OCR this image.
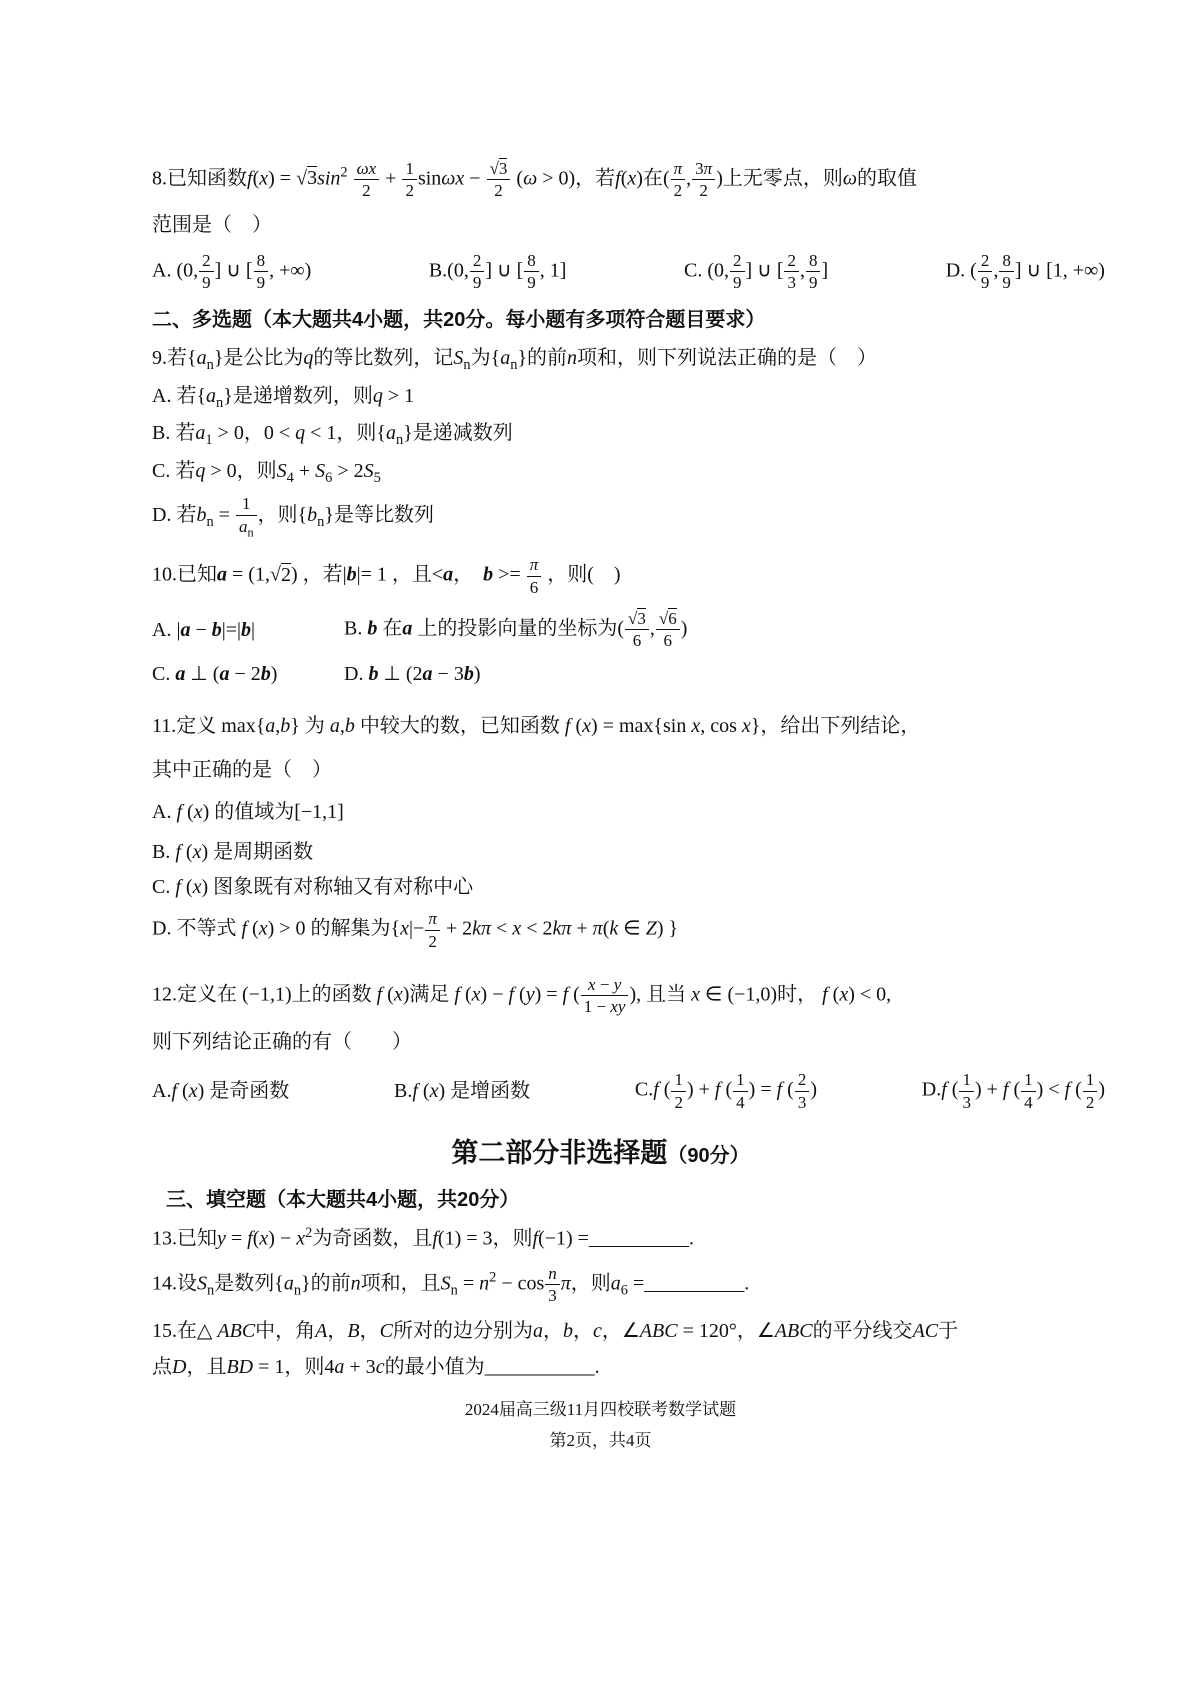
8.已知函数$f(x) = √3\sin^2 \frac{\omega x}{2} + \frac{1}{2}$ $\sin\omega x - \frac{√3}{2} (\omega > 0)$，若f(x)在( $\frac{\pi}{2}$ , $\frac{3\pi}{2}$ )上无零点，则ω的取值

范围是（　）

A. (0, $\frac{2}{9}$ ] ∪ [ $\frac{8}{9}$ , +∞)	B.(0, $\frac{2}{9}$ ] ∪ [ $\frac{8}{9}$ , 1]	C. (0, $\frac{2}{9}$ ] ∪ [ $\frac{2}{3}$ , $\frac{8}{9}$ ]	D. ( $\frac{2}{9}$ , $\frac{8}{9}$ ] ∪ [1, +∞)
二、多选题（本大题共4小题，共20分。每小题有多项符合题目要求）

9.若$\{a_n\}$是公比为q的等比数列，记$S_n$为$\{a_n\}$的前n项和，则下列说法正确的是（　）

A. 若$\{a_n\}$是递增数列，则q > 1

B. 若$a_1 > 0$，0 < q < 1，则$\{a_n\}$是递减数列

C. 若q > 0，则$S_4 + S_6 > 2S_5$

D. 若$b_n = \frac{1}{a_n}$ ，则$\{b_n\}$是等比数列

10.已知a = (1,√2) ，若|b|= 1 ，且<a，　$b >= \frac{\pi}{6}$ ，则(　)

A. |a − b|=|b|	B. b 在a 上的投影向量的坐标为( $\frac{√3}{6}$ , $\frac{√6}{6}$ )
C. a ⊥ (a − 2b)	D. b ⊥ (2a − 3b)

11.定义 max{a,b} 为 a,b 中较大的数，已知函数 f (x) = max{sin x, cos x}，给出下列结论，

其中正确的是（　）

A. f (x) 的值域为[−1,1]

B. f (x) 是周期函数

C. f (x) 图象既有对称轴又有对称中心

D. 不等式 f (x) > 0 的解集为{$x|- \frac{\pi}{2} + 2k\pi < x < 2k\pi + \pi(k$ ∈ Z) }

12.定义在 (−1,1)上的函数 f (x)满足 f (x) − f (y) = f ( $\frac{x - y}{1 - xy}$ ), 且当 x ∈ (−1,0)时， f (x) < 0,

则下列结论正确的有（　　）

A.f (x) 是奇函数	B.f (x) 是增函数	C.f ( $\frac{1}{2}$ ) + f ( $\frac{1}{4}$ ) = f ( $\frac{2}{3}$ )	D.f ( $\frac{1}{3}$ ) + f ( $\frac{1}{4}$ ) < f ( $\frac{1}{2}$ )
第二部分非选择题（90分）
三、填空题（本大题共4小题，共20分）

13.已知$y = f(x) - x^2$为奇函数，且f(1) = 3，则f(−1) =__________.

14.设$S_n$是数列$\{a_n\}$的前n项和，且$S_n = n^2 - \cos \frac{n}{3}$ π，则$a_6$ =__________.

15.在△ ABC中，角A，B，C所对的边分别为a，b，c，∠ABC = 120°，∠ABC的平分线交AC于

点D，且BD = 1，则4a + 3c的最小值为___________.

2024届高三级11月四校联考数学试题

第2页，共4页
